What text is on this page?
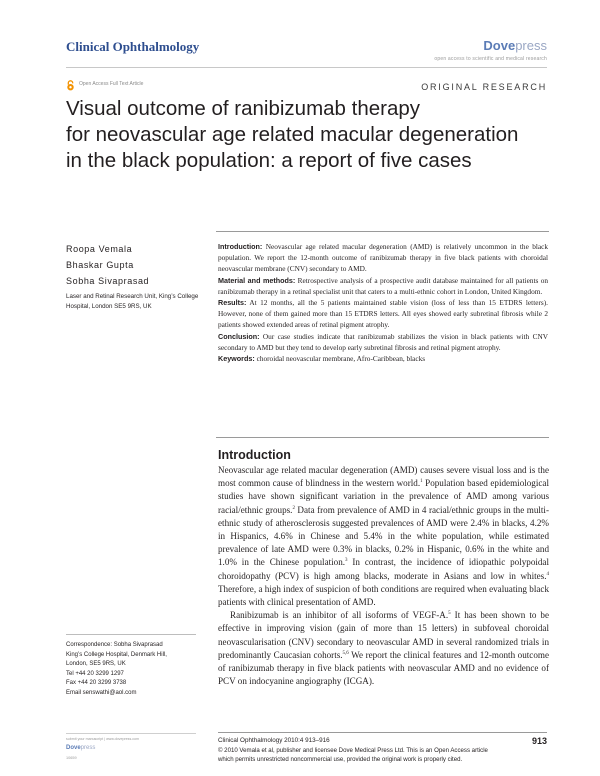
Clinical Ophthalmology	Dovepress
open access to scientific and medical research
Open Access Full Text Article	ORIGINAL RESEARCH
Visual outcome of ranibizumab therapy
for neovascular age related macular degeneration
in the black population: a report of five cases
Roopa Vemala
Bhaskar Gupta
Sobha Sivaprasad
Laser and Retinal Research Unit, King’s College Hospital, London SE5 9RS, UK

Introduction: Neovascular age related macular degeneration (AMD) is relatively uncommon in the black population. We report the 12-month outcome of ranibizumab therapy in five black patients with choroidal neovascular membrane (CNV) secondary to AMD.

Material and methods: Retrospective analysis of a prospective audit database maintained for all patients on ranibizumab therapy in a retinal specialist unit that caters to a multi-ethnic cohort in London, United Kingdom.

Results: At 12 months, all the 5 patients maintained stable vision (loss of less than 15 ETDRS letters). However, none of them gained more than 15 ETDRS letters. All eyes showed early subretinal fibrosis while 2 patients showed extended areas of retinal pigment atrophy.

Conclusion: Our case studies indicate that ranibizumab stabilizes the vision in black patients with CNV secondary to AMD but they tend to develop early subretinal fibrosis and retinal pigment atrophy.

Keywords: choroidal neovascular membrane, Afro-Caribbean, blacks

Introduction

Neovascular age related macular degeneration (AMD) causes severe visual loss and is the most common cause of blindness in the western world.$^1$ Population based epidemiological studies have shown significant variation in the prevalence of AMD among various racial/ethnic groups.$^2$ Data from prevalence of AMD in 4 racial/ethnic groups in the multi-ethnic study of atherosclerosis suggested prevalences of AMD were 2.4% in blacks, 4.2% in Hispanics, 4.6% in Chinese and 5.4% in the white population, while estimated prevalence of late AMD were 0.3% in blacks, 0.2% in Hispanic, 0.6% in the white and 1.0% in the Chinese population.$^3$ In contrast, the incidence of idiopathic polypoidal choroidopathy (PCV) is high among blacks, moderate in Asians and low in whites.$^4$ Therefore, a high index of suspicion of both conditions are required when evaluating black patients with clinical presentation of AMD.

Ranibizumab is an inhibitor of all isoforms of VEGF-A.$^5$ It has been shown to be effective in improving vision (gain of more than 15 letters) in subfoveal choroidal neovascularisation (CNV) secondary to neovascular AMD in several randomized trials in predominantly Caucasian cohorts.$^{5,6}$ We report the clinical features and 12-month outcome of ranibizumab therapy in five black patients with neovascular AMD and no evidence of PCV on indocyanine angiography (ICGA).

Correspondence: Sobha Sivaprasad
King’s College Hospital, Denmark Hill,
London, SE5 9RS, UK
Tel +44 20 3299 1297
Fax +44 20 3299 3738
Email senswathi@aol.com
submit your manuscript | www.dovepress.com
Dovepress
10659
Clinical Ophthalmology 2010:4 913–916	913
© 2010 Vemala et al, publisher and licensee Dove Medical Press Ltd. This is an Open Access article
which permits unrestricted noncommercial use, provided the original work is properly cited.
